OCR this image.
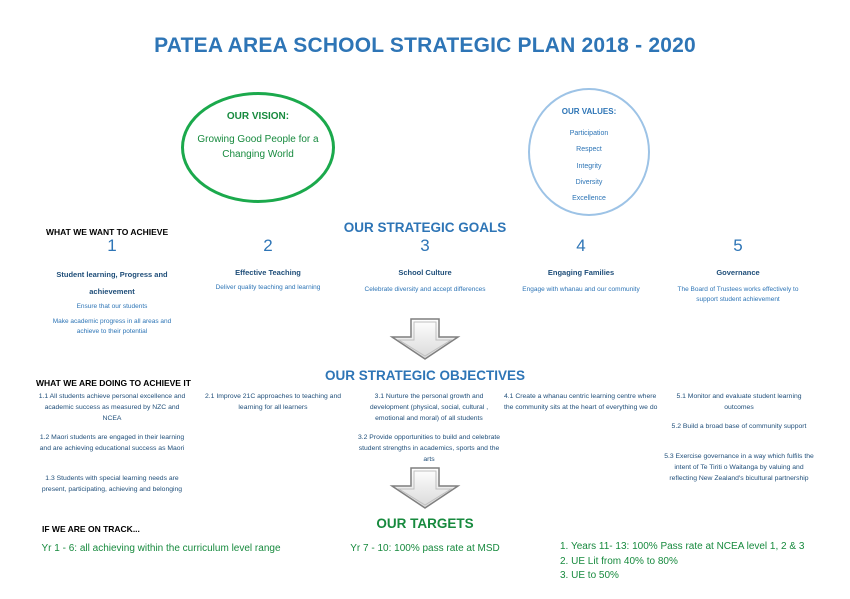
PATEA AREA SCHOOL STRATEGIC PLAN 2018 - 2020
OUR VISION:
Growing Good People for a Changing World
OUR VALUES:
Participation
Respect
Integrity
Diversity
Excellence
WHAT WE WANT TO ACHIEVE	OUR STRATEGIC GOALS
1
Student learning, Progress and achievement
Ensure that our students
Make academic progress in all areas and achieve to their potential
2
Effective Teaching
Deliver quality teaching and learning
3
School Culture
Celebrate diversity and accept differences
4
Engaging Families
Engage with whanau and our community
5
Governance
The Board of Trustees works effectively to support student achievement
WHAT WE ARE DOING TO ACHIEVE IT	OUR STRATEGIC OBJECTIVES
1.1 All students achieve personal excellence and academic success as measured by NZC and NCEA
1.2 Maori students are engaged in their learning and are achieving educational success as Maori
1.3 Students with special learning needs are present, participating, achieving and belonging
2.1 Improve 21C approaches to teaching and learning for all learners
3.1 Nurture the personal growth and development (physical, social, cultural , emotional and moral) of all students
3.2 Provide opportunities to build and celebrate student strengths in academics, sports and the arts
4.1 Create a whanau centric learning centre where the community sits at the heart of everything we do
5.1 Monitor and evaluate student learning outcomes
5.2 Build a broad base of community support
5.3 Exercise governance in a way which fulfils the intent of Te Tiriti o Waitanga by valuing and reflecting New Zealand's bicultural partnership
IF WE ARE ON TRACK...	OUR TARGETS
Yr 1 - 6: all achieving within the curriculum level range	Yr 7 - 10: 100% pass rate at MSD	1. Years 11- 13: 100% Pass rate at NCEA level 1, 2 & 3
2. UE Lit from 40% to 80%
3. UE to 50%
